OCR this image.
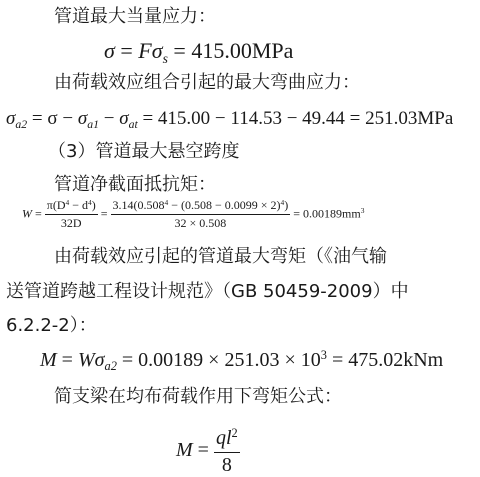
管道最大当量应力：
$\sigma = F\sigma_s = 415.00MPa$
由荷载效应组合引起的最大弯曲应力：
$\sigma_{a2} = \sigma - \sigma_{a1} - \sigma_{at} = 415.00 - 114.53 - 49.44 = 251.03MPa$
（3）管道最大悬空跨度
管道净截面抵抗矩：
$W = \frac{\pi(D^4 - d^4)}{32D} = \frac{3.14(0.508^4 - (0.508 - 0.0099 \times 2)^4)}{32 \times 0.508} = 0.00189mm^3$
由荷载效应引起的管道最大弯矩（《油气输
送管道跨越工程设计规范》（GB 50459-2009）中
6.2.2-2）：
$M = W\sigma_{a2} = 0.00189 \times 251.03 \times 10^3 = 475.02kNm$
简支梁在均布荷载作用下弯矩公式：
$M = \frac{ql^2}{8}$
